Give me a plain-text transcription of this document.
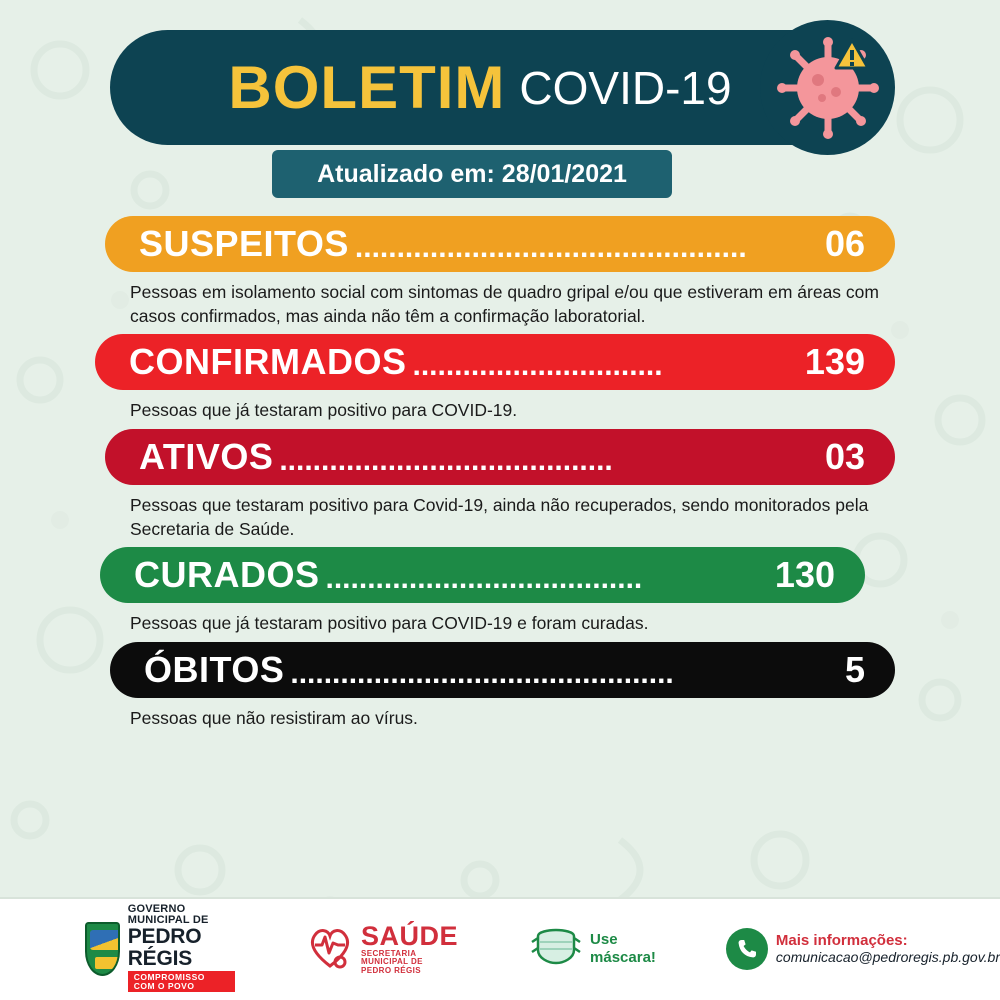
BOLETIM COVID-19
Atualizado em: 28/01/2021
SUSPEITOS ...............................................	06

Pessoas em isolamento social com sintomas de quadro gripal e/ou que estiveram em áreas com casos confirmados, mas ainda não têm a confirmação laboratorial.

CONFIRMADOS ..............................	139

Pessoas que já testaram positivo para COVID-19.

ATIVOS ........................................	03

Pessoas que testaram positivo para Covid-19, ainda não recuperados, sendo monitorados pela Secretaria de Saúde.

CURADOS ......................................	130

Pessoas que já testaram positivo para COVID-19 e foram curadas.

ÓBITOS ..............................................	5

Pessoas que não resistiram ao vírus.

GOVERNO MUNICIPAL DE
PEDRO RÉGIS
COMPROMISSO COM O POVO
SAÚDE
SECRETARIA MUNICIPAL DE
PEDRO RÉGIS
Use
máscara!
Mais informações:
comunicacao@pedroregis.pb.gov.br
